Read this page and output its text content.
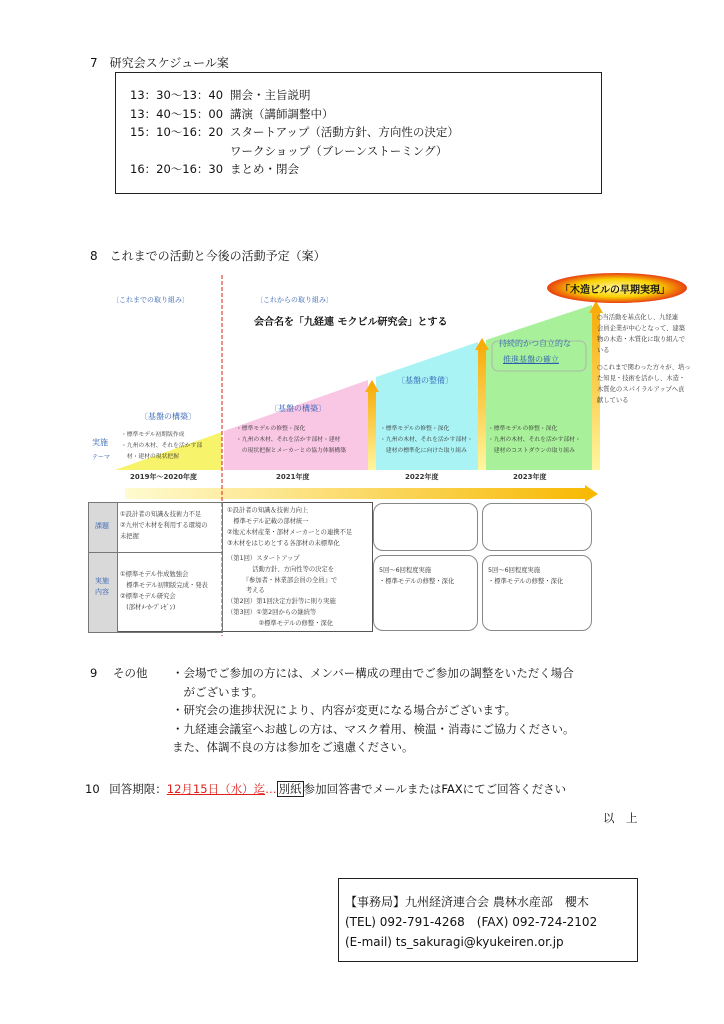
7　研究会スケジュール案
13：30〜13：40 開会・主旨説明
13：40〜15：00 講演（講師調整中）
15：10〜16：20 スタートアップ（活動方針、方向性の決定）
ワークショップ（ブレーンストーミング）
16：20〜16：30 まとめ・閉会
8　これまでの活動と今後の活動予定（案）
〔これまでの取り組み〕	〔これからの取り組み〕
会合名を「九経連 モクビル研究会」とする
「木造ビルの早期実現」
実施
テーマ
〔基盤の構築〕
・標準モデル初期版作成
・九州の木材、それを活かす部
　材・建材の現状把握
2019年〜2020年度
〔基盤の構築〕
・標準モデルの修整・深化
・九州の木材、それを活かす部材・建材
　の現状把握とメーカーとの協力体制構築
2021年度
〔基盤の整備〕
・標準モデルの修整・深化
・九州の木材、それを活かす部材・
　建材の標準化に向けた取り組み
2022年度
持続的かつ自立的な
推進基盤の確立
・標準モデルの修整・深化
・九州の木材、それを活かす部材・
　建材のコストダウンの取り組み
2023年度
○当活動を基点化し、九経連
会員企業が中心となって、建築
物の木造・木質化に取り組んで
いる
○これまで関わった方々が、培っ
た知見・技術を活かし、木造・
木質化のスパイラルアップへ貢
献している
課題
実施
内容
①設計者の知識＆技術力不足
②九州で木材を利用する環境の
未把握
①設計者の知識＆技術力向上
　標準モデル記載の部材統一
②地元木材産業・部材メーカーとの連携不足
③木材をはじめとする各部材の未標準化
①標準モデル作成勉強会
　標準モデル初期版完成・発表
②標準モデル研究会
　(部材ﾒｰｶｰﾌﾟﾚｾﾞﾝ)
（第1回）スタートアップ
　　　　活動方針、方向性等の決定を
　　　『参加者・林業部会員の全員』で
　　　考える
（第2回）第1回決定方針等に則り実施
（第3回）①第2回からの継続等
　　　　　②標準モデルの修整・深化
5回〜6回程度実施
・標準モデルの修整・深化
5回〜6回程度実施
・標準モデルの修整・深化
9 その他 ・会場でご参加の方には、メンバー構成の理由でご参加の調整をいただく場合
　がございます。
・研究会の進捗状況により、内容が変更になる場合がございます。
・九経連会議室へお越しの方は、マスク着用、検温・消毒にご協力ください。
また、体調不良の方は参加をご遠慮ください。
10 回答期限：12月15日（水）迄… 別紙 参加回答書でメールまたはFAXにてご回答ください
以　上
【事務局】九州経済連合会 農林水産部　櫻木
(TEL) 092-791-4268　(FAX) 092-724-2102
(E-mail) ts_sakuragi@kyukeiren.or.jp
